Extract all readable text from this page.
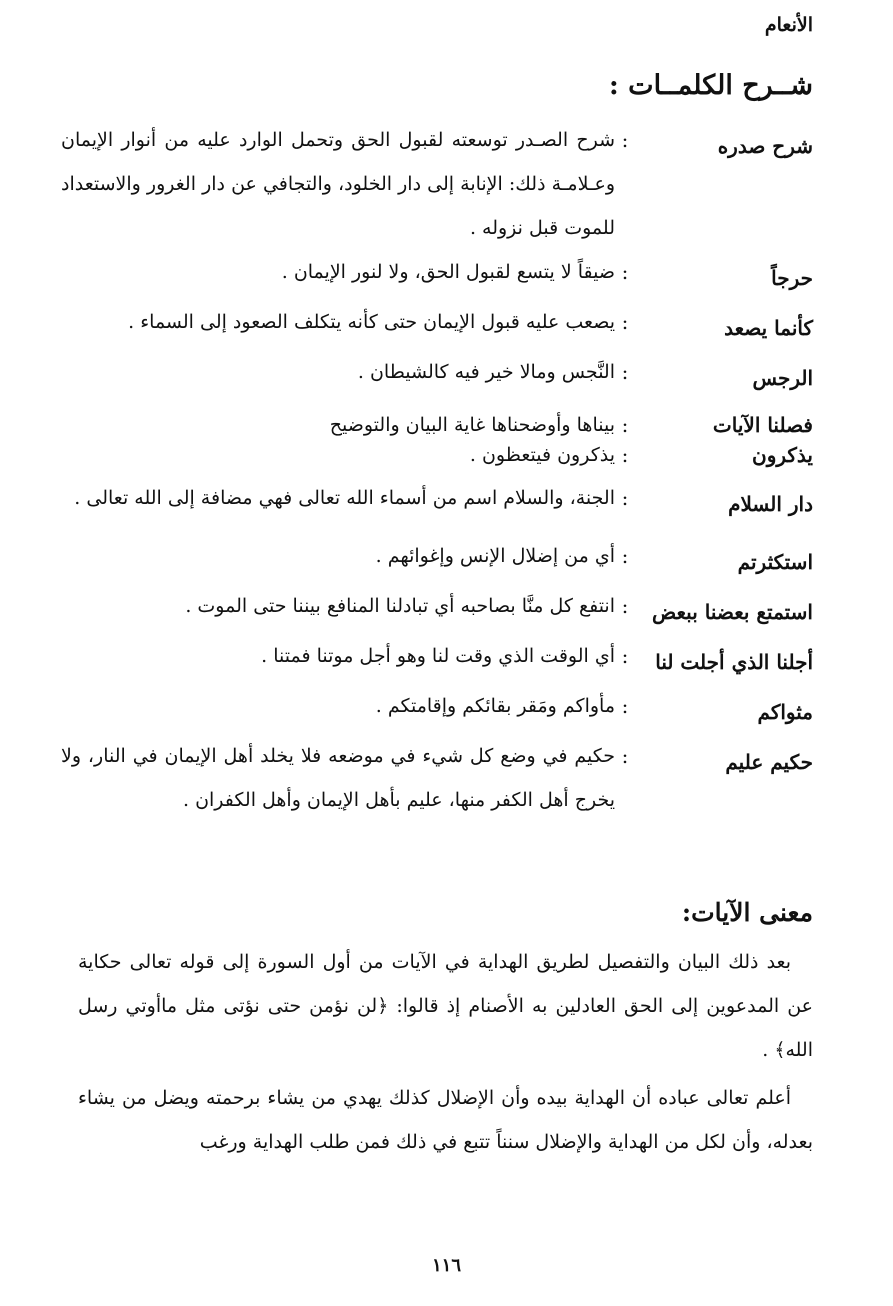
الأنعام
شــرح الكلمــات :
شرح صدره
:
شرح الصـدر توسعته لقبول الحق وتحمل الوارد عليه من أنوار الإيمان وعـلامـة ذلك: الإنابة إلى دار الخلود، والتجافي عن دار الغرور والاستعداد للموت قبل نزوله .
حرجاً
:
ضيقاً لا يتسع لقبول الحق، ولا لنور الإيمان .
كأنما يصعد
:
يصعب عليه قبول الإيمان حتى كأنه يتكلف الصعود إلى السماء .
الرجس
:
النَّجس ومالا خير فيه كالشيطان .
فصلنا الآيات
:
بيناها وأوضحناها غاية البيان والتوضيح
يذكرون
:
يذكرون فيتعظون .
دار السلام
:
الجنة، والسلام اسم من أسماء الله تعالى فهي مضافة إلى الله تعالى .
استكثرتم
:
أي من إضلال الإنس وإغوائهم .
استمتع بعضنا ببعض
:
انتفع كل منَّا بصاحبه أي تبادلنا المنافع بيننا حتى الموت .
أجلنا الذي أجلت لنا
:
أي الوقت الذي وقت لنا وهو أجل موتنا فمتنا .
مثواكم
:
مأواكم ومَقر بقائكم وإقامتكم .
حكيم عليم
:
حكيم في وضع كل شيء في موضعه فلا يخلد أهل الإيمان في النار، ولا يخرج أهل الكفر منها، عليم بأهل الإيمان وأهل الكفران .
معنى الآيات:

بعد ذلك البيان والتفصيل لطريق الهداية في الآيات من أول السورة إلى قوله تعالى حكاية عن المدعوين إلى الحق العادلين به الأصنام إذ قالوا: ﴿لن نؤمن حتى نؤتى مثل ماأوتي رسل الله﴾ .

أعلم تعالى عباده أن الهداية بيده وأن الإضلال كذلك يهدي من يشاء برحمته ويضل من يشاء بعدله، وأن لكل من الهداية والإضلال سنناً تتبع في ذلك فمن طلب الهداية ورغب

١١٦
